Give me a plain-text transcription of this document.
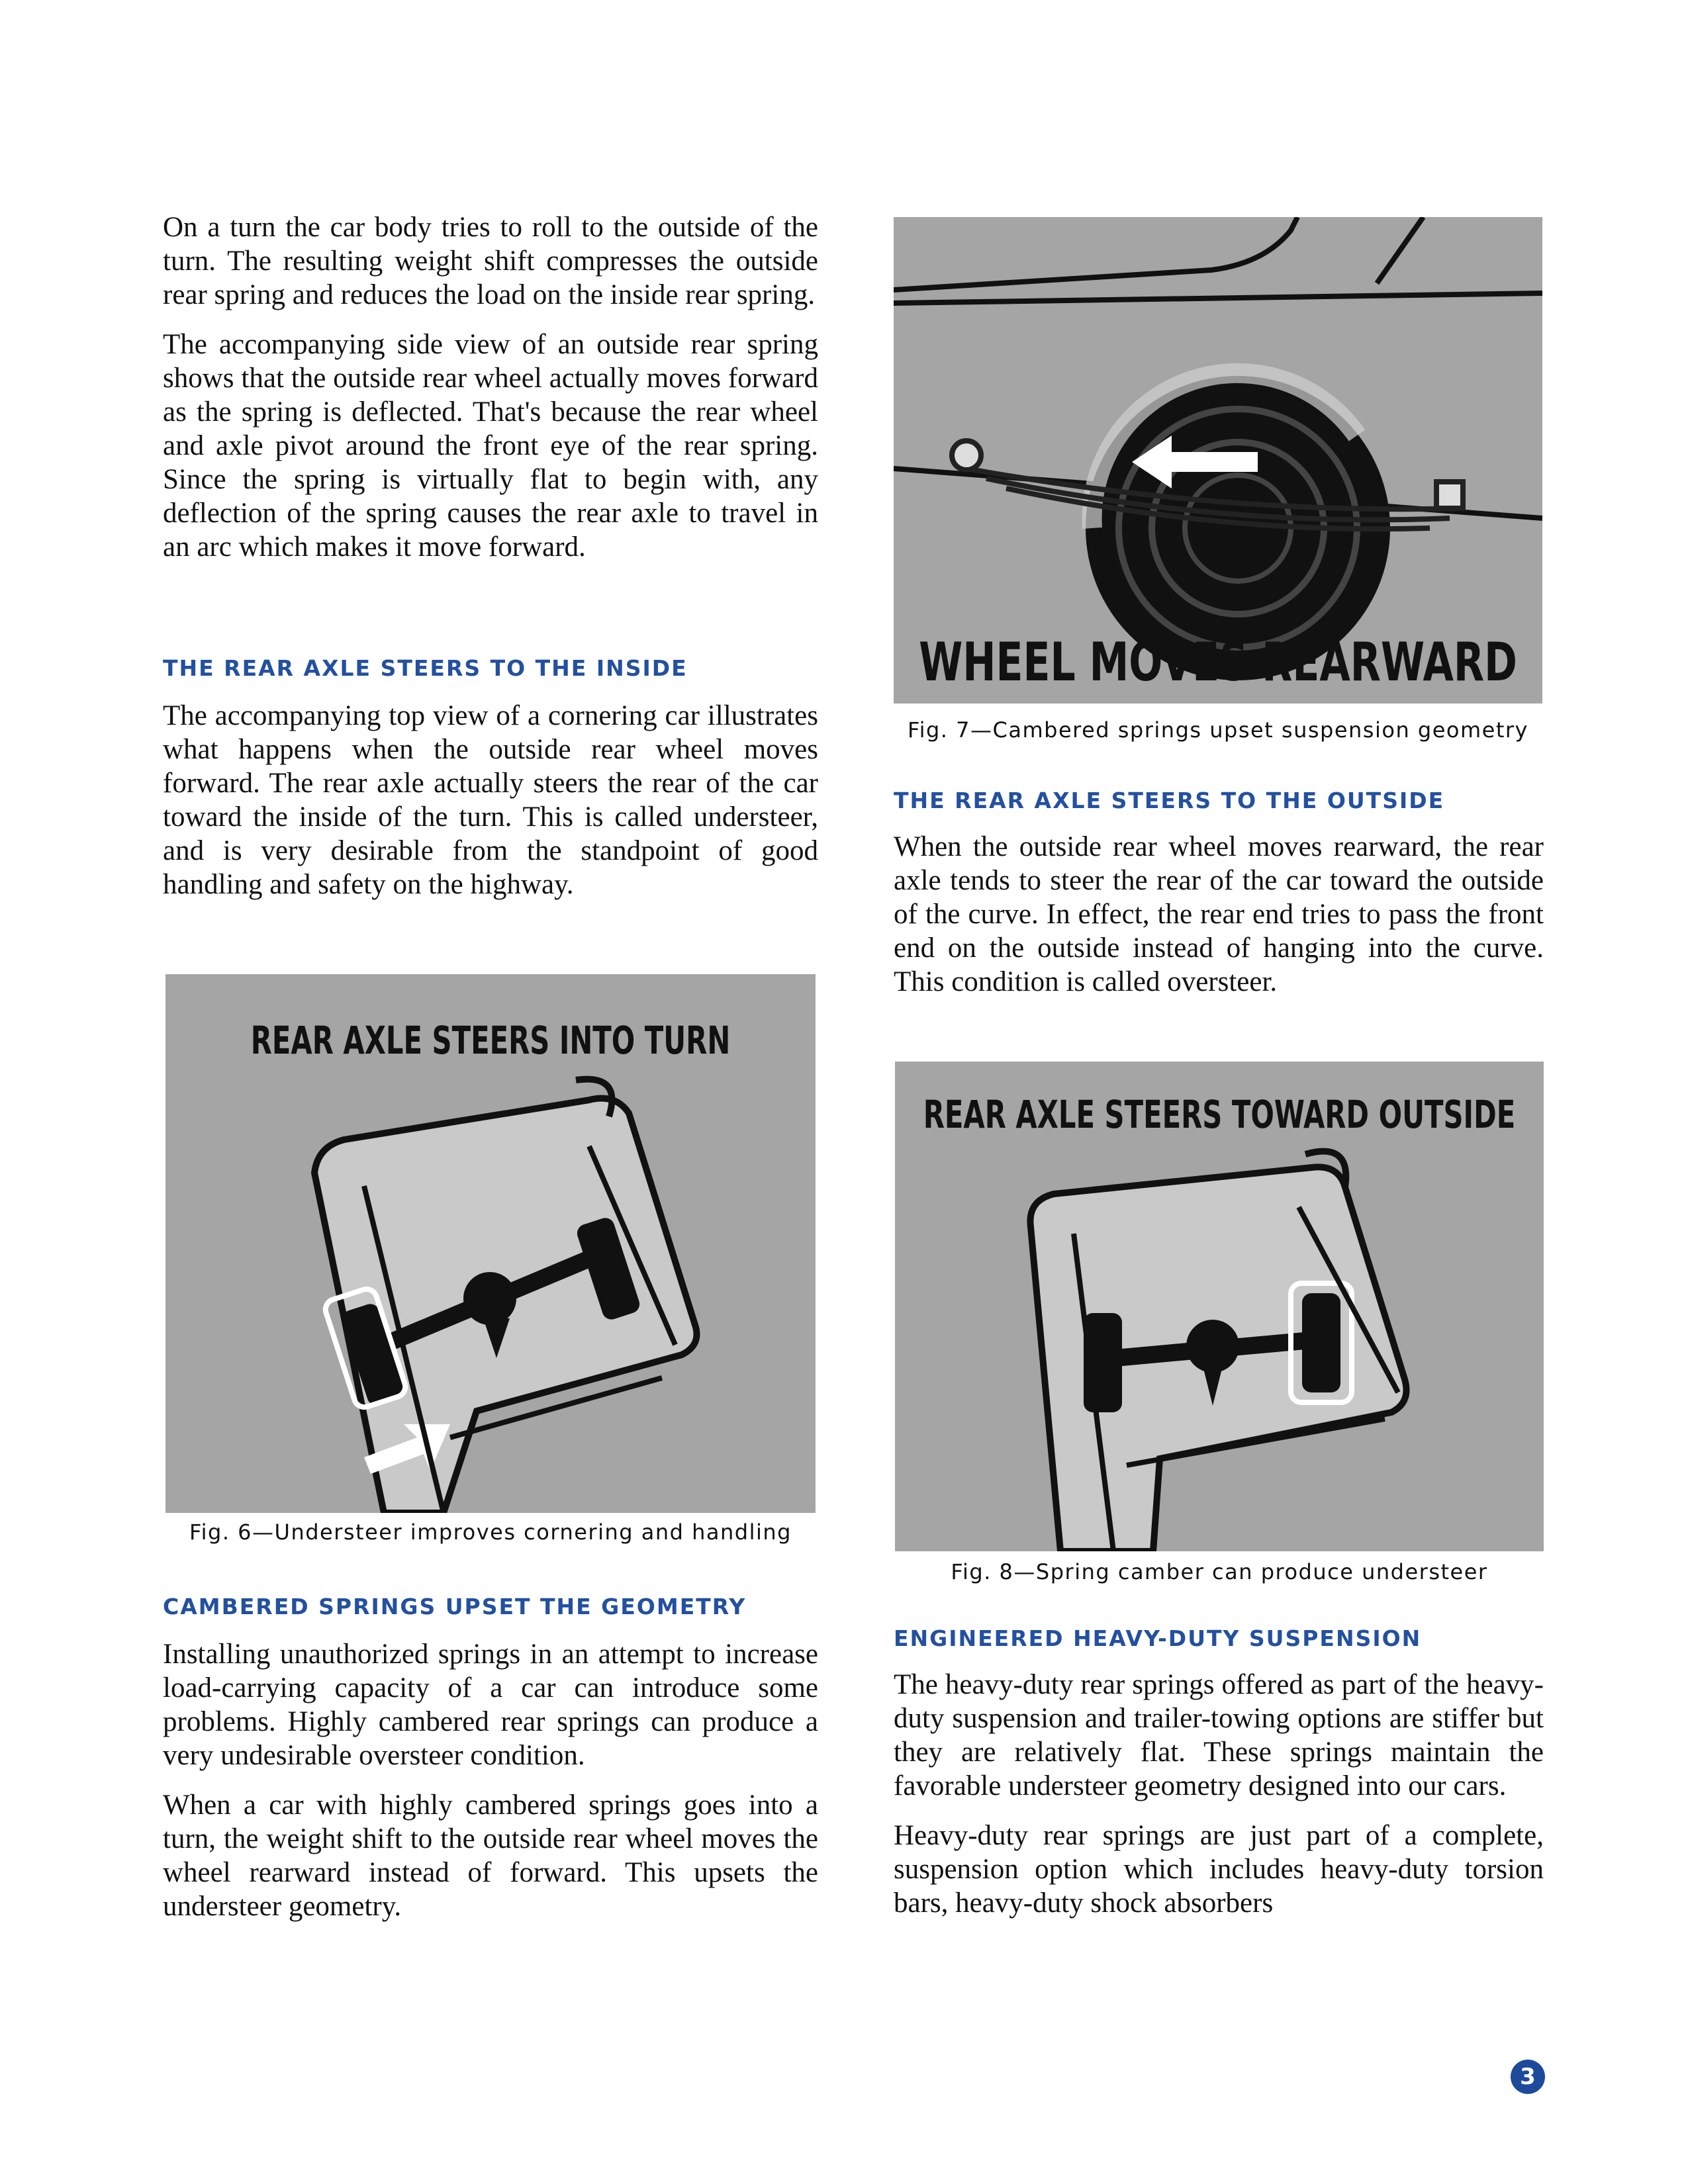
On a turn the car body tries to roll to the outside of the turn. The resulting weight shift compresses the outside rear spring and reduces the load on the inside rear spring.

The accompanying side view of an outside rear spring shows that the outside rear wheel actually moves forward as the spring is deflected. That's because the rear wheel and axle pivot around the front eye of the rear spring. Since the spring is virtually flat to begin with, any deflection of the spring causes the rear axle to travel in an arc which makes it move forward.

THE REAR AXLE STEERS TO THE INSIDE

The accompanying top view of a cornering car illustrates what happens when the outside rear wheel moves forward. The rear axle actually steers the rear of the car toward the inside of the turn. This is called understeer, and is very desirable from the standpoint of good handling and safety on the highway.

REAR AXLE STEERS INTO TURN
Fig. 6—Understeer improves cornering and handling
CAMBERED SPRINGS UPSET THE GEOMETRY

Installing unauthorized springs in an attempt to increase load-carrying capacity of a car can introduce some problems. Highly cambered rear springs can produce a very undesirable oversteer condition.

When a car with highly cambered springs goes into a turn, the weight shift to the outside rear wheel moves the wheel rearward instead of forward. This upsets the understeer geometry.

WHEEL MOVES REARWARD
Fig. 7—Cambered springs upset suspension geometry
THE REAR AXLE STEERS TO THE OUTSIDE

When the outside rear wheel moves rearward, the rear axle tends to steer the rear of the car toward the outside of the curve. In effect, the rear end tries to pass the front end on the outside instead of hanging into the curve. This condition is called oversteer.

REAR AXLE STEERS TOWARD OUTSIDE
Fig. 8—Spring camber can produce understeer
ENGINEERED HEAVY-DUTY SUSPENSION

The heavy-duty rear springs offered as part of the heavy-duty suspension and trailer-towing options are stiffer but they are relatively flat. These springs maintain the favorable understeer geometry designed into our cars.

Heavy-duty rear springs are just part of a complete, suspension option which includes heavy-duty torsion bars, heavy-duty shock absorbers

3
